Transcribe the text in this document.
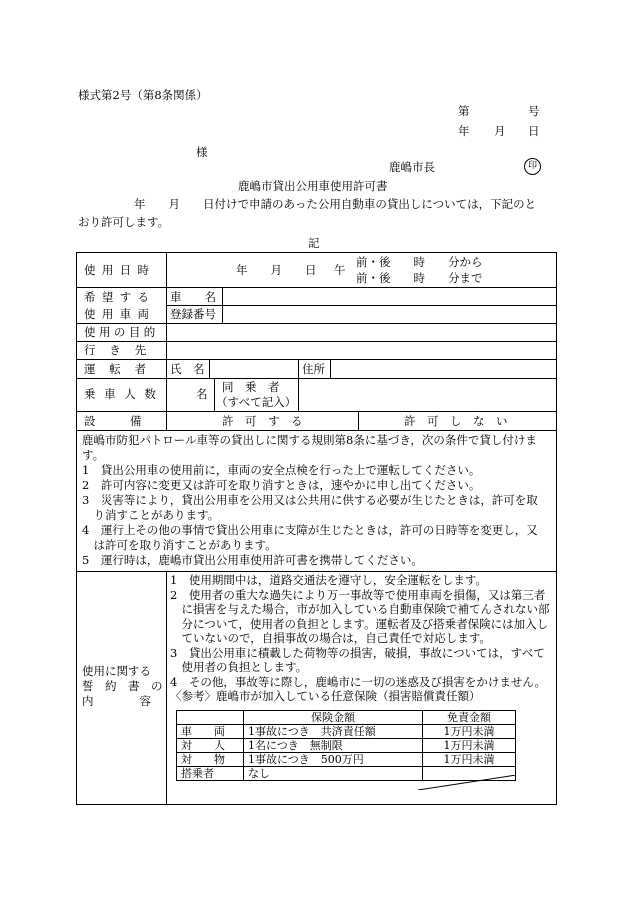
様式第2号（第8条関係）
第	号
年 月 日
様
鹿嶋市長	印
鹿嶋市貸出公用車使用許可書
年　　月　　日付けで申請のあった公用自動車の貸出しについては，下記のと
おり許可します。
記
使用日時	年　　月　　日 午
前・後　　時　　分から
前・後　　時　　分まで
希望する 車　　名
使用車両 登録番号
使用の目的
行き先
運転者 氏　名	住所
乗車人数	名 同　乗　者
（すべて記入）
設　　　備	許　可　す　る	許　可　し　な　い
鹿嶋市防犯パトロール車等の貸出しに関する規則第8条に基づき，次の条件で貸し付けま
す。
1　貸出公用車の使用前に，車両の安全点検を行った上で運転してください。
2　許可内容に変更又は許可を取り消すときは，速やかに申し出てください。
3　災害等により，貸出公用車を公用又は公共用に供する必要が生じたときは，許可を取
　り消すことがあります。
4　運行上その他の事情で貸出公用車に支障が生じたときは，許可の日時等を変更し，又
　は許可を取り消すことがあります。
5　運行時は，鹿嶋市貸出公用車使用許可書を携帯してください。
使用に関する
誓　約　書　の
内　　　　容
1　使用期間中は，道路交通法を遵守し，安全運転をします。
2　使用者の重大な過失により万一事故等で使用車両を損傷，又は第三者
　に損害を与えた場合，市が加入している自動車保険で補てんされない部
　分について，使用者の負担とします。運転者及び搭乗者保険には加入し
　ていないので，自損事故の場合は，自己責任で対応します。
3　貸出公用車に積載した荷物等の損害，破損，事故については，すべて
　使用者の負担とします。
4　その他，事故等に際し，鹿嶋市に一切の迷惑及び損害をかけません。
〈参考〉鹿嶋市が加入している任意保険（損害賠償責任額）
	保険金額	免責金額
車　　両	1事故につき　共済責任額	1万円未満
対　　人	1名につき　無制限	1万円未満
対　　物	1事故につき　500万円	1万円未満
搭乗者	なし	
